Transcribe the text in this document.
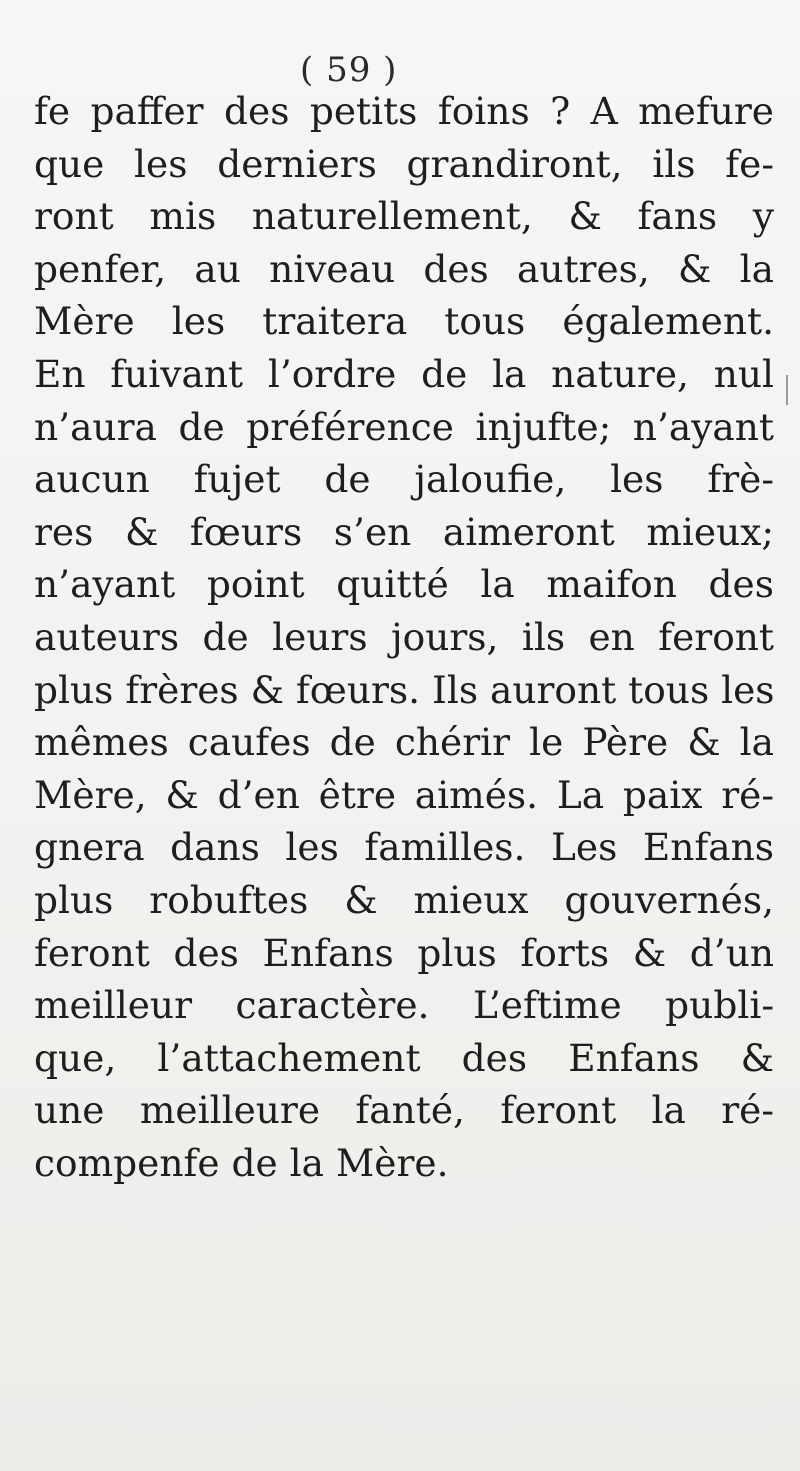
( 59 )
fe paffer des petits foins ? A mefure
que les derniers grandiront, ils fe-
ront mis naturellement, & fans y
penfer, au niveau des autres, & la
Mère les traitera tous également.
En fuivant l’ordre de la nature, nul
n’aura de préférence injufte; n’ayant
aucun fujet de jaloufie, les frè-
res & fœurs s’en aimeront mieux;
n’ayant point quitté la maifon des
auteurs de leurs jours, ils en feront
plus frères & fœurs. Ils auront tous les
mêmes caufes de chérir le Père & la
Mère, & d’en être aimés. La paix ré-
gnera dans les familles. Les Enfans
plus robuftes & mieux gouvernés,
feront des Enfans plus forts & d’un
meilleur caractère. L’eftime publi-
que, l’attachement des Enfans &
une meilleure fanté, feront la ré-
compenfe de la Mère.
